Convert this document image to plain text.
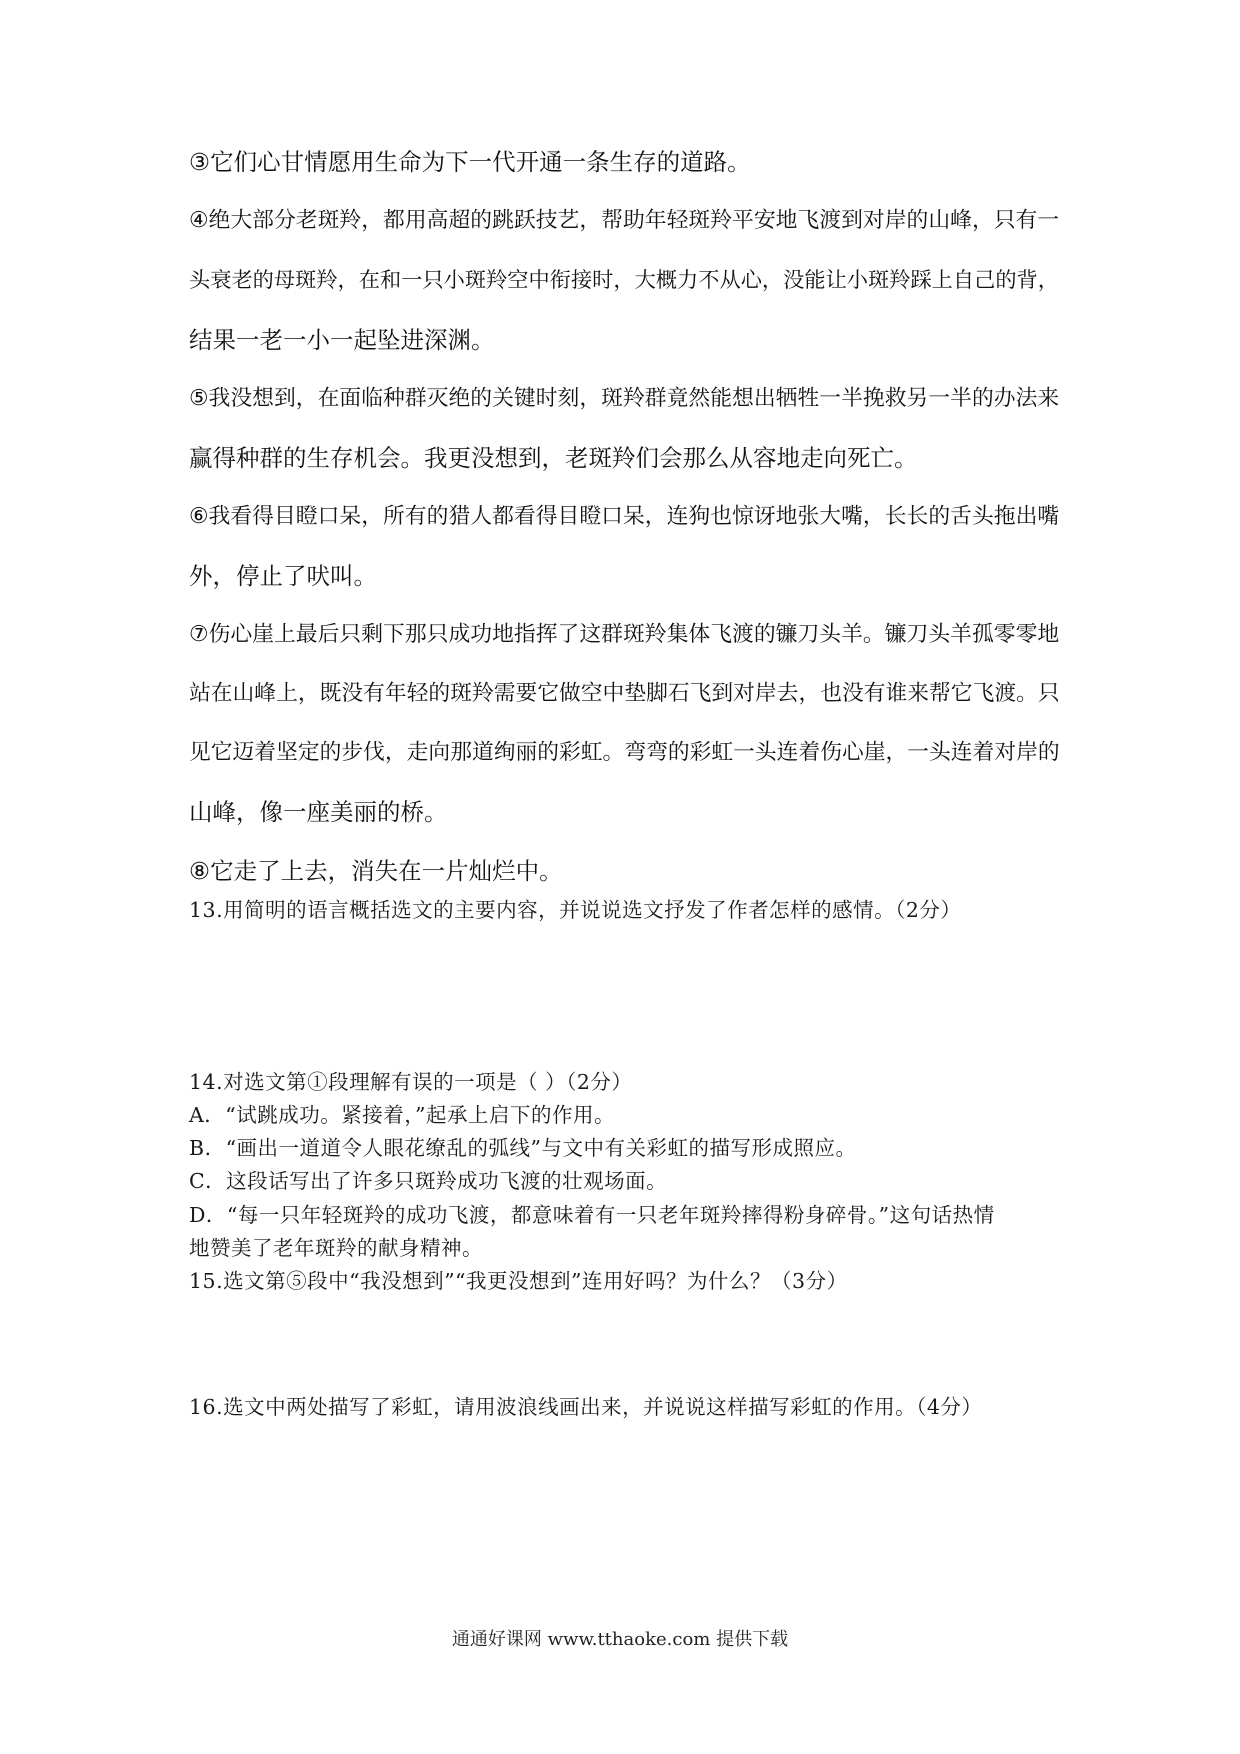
③它们心甘情愿用生命为下一代开通一条生存的道路。
④绝大部分老斑羚，都用高超的跳跃技艺，帮助年轻斑羚平安地飞渡到对岸的山峰，只有一
头衰老的母斑羚，在和一只小斑羚空中衔接时，大概力不从心，没能让小斑羚踩上自己的背，
结果一老一小一起坠进深渊。
⑤我没想到，在面临种群灭绝的关键时刻，斑羚群竟然能想出牺牲一半挽救另一半的办法来
赢得种群的生存机会。我更没想到，老斑羚们会那么从容地走向死亡。
⑥我看得目瞪口呆，所有的猎人都看得目瞪口呆，连狗也惊讶地张大嘴，长长的舌头拖出嘴
外，停止了吠叫。
⑦伤心崖上最后只剩下那只成功地指挥了这群斑羚集体飞渡的镰刀头羊。镰刀头羊孤零零地
站在山峰上，既没有年轻的斑羚需要它做空中垫脚石飞到对岸去，也没有谁来帮它飞渡。只
见它迈着坚定的步伐，走向那道绚丽的彩虹。弯弯的彩虹一头连着伤心崖，一头连着对岸的
山峰，像一座美丽的桥。
⑧它走了上去，消失在一片灿烂中。
13.用简明的语言概括选文的主要内容，并说说选文抒发了作者怎样的感情。（2分）
14.对选文第①段理解有误的一项是（ ）（2分）
A．“试跳成功。紧接着，”起承上启下的作用。
B．“画出一道道令人眼花缭乱的弧线”与文中有关彩虹的描写形成照应。
C．这段话写出了许多只斑羚成功飞渡的壮观场面。
D．“每一只年轻斑羚的成功飞渡，都意味着有一只老年斑羚摔得粉身碎骨。”这句话热情
地赞美了老年斑羚的献身精神。
15.选文第⑤段中“我没想到”“我更没想到”连用好吗？为什么？（3分）
16.选文中两处描写了彩虹，请用波浪线画出来，并说说这样描写彩虹的作用。（4分）
通通好课网 www.tthaoke.com 提供下载
